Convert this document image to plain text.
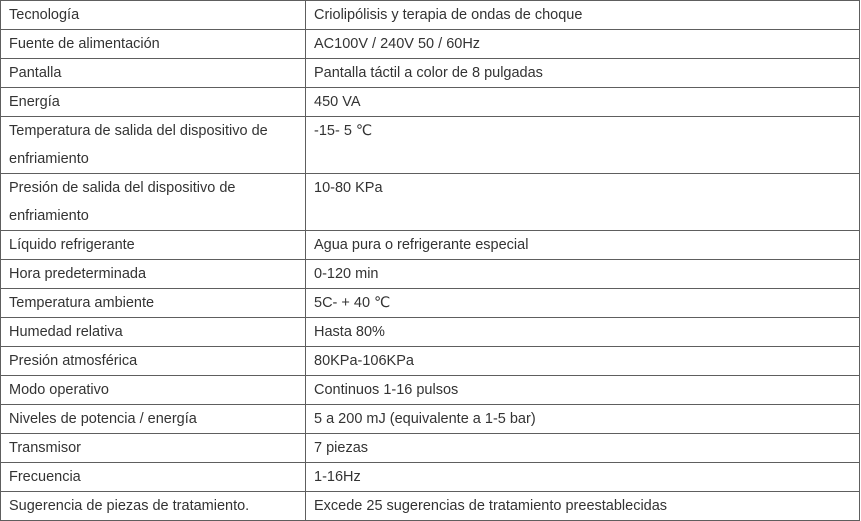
Tecnología	Criolipólisis y terapia de ondas de choque
Fuente de alimentación	AC100V / 240V 50 / 60Hz
Pantalla	Pantalla táctil a color de 8 pulgadas
Energía	450 VA
Temperatura de salida del dispositivo de enfriamiento	-15- 5 ℃
Presión de salida del dispositivo de enfriamiento	10-80 KPa
Líquido refrigerante	Agua pura o refrigerante especial
Hora predeterminada	0-120 min
Temperatura ambiente	5C- + 40 ℃
Humedad relativa	Hasta 80%
Presión atmosférica	80KPa-106KPa
Modo operativo	Continuos 1-16 pulsos
Niveles de potencia / energía	5 a 200 mJ (equivalente a 1-5 bar)
Transmisor	7 piezas
Frecuencia	1-16Hz
Sugerencia de piezas de tratamiento.	Excede 25 sugerencias de tratamiento preestablecidas
